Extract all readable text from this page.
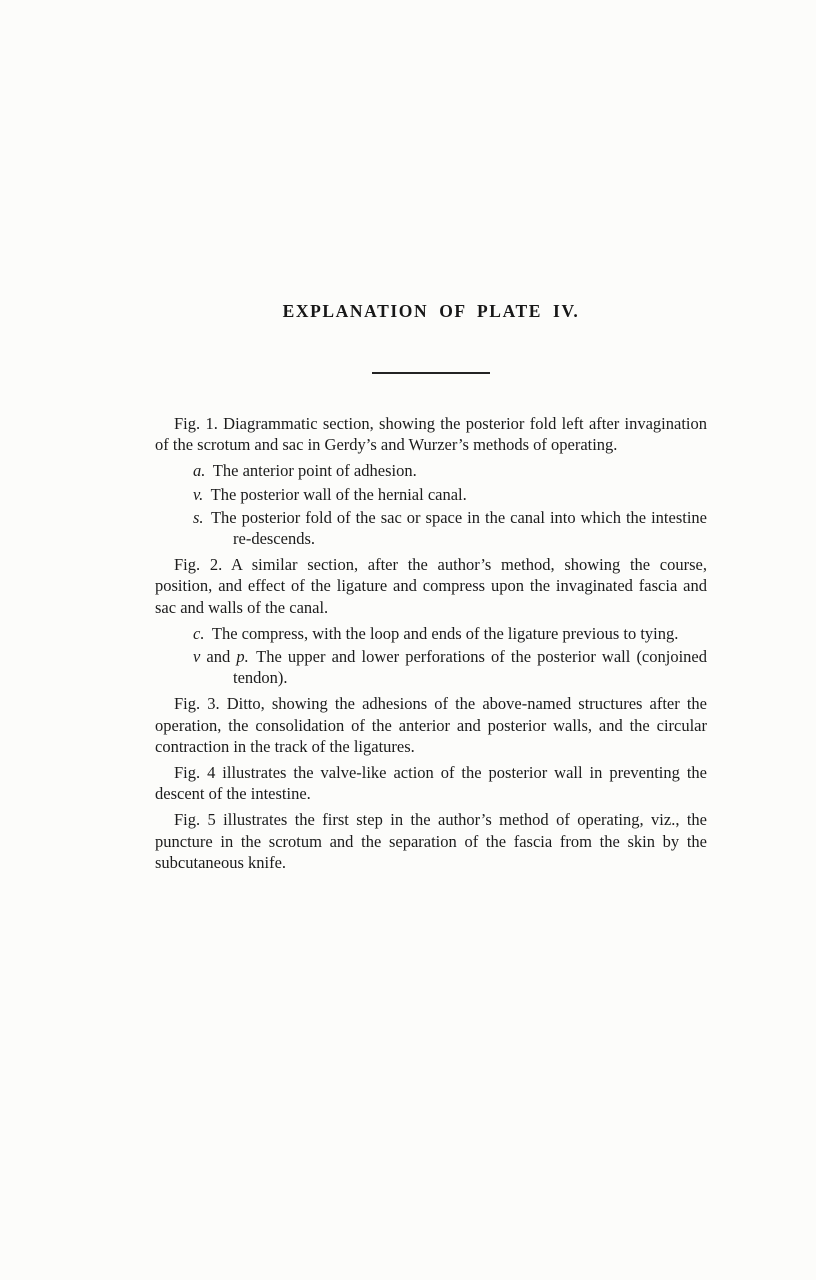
EXPLANATION OF PLATE IV.

Fig. 1. Diagrammatic section, showing the posterior fold left after invagination of the scrotum and sac in Gerdy’s and Wurzer’s methods of operating.

a. The anterior point of adhesion.

v. The posterior wall of the hernial canal.

s. The posterior fold of the sac or space in the canal into which the intestine re-descends.

Fig. 2. A similar section, after the author’s method, showing the course, position, and effect of the ligature and compress upon the invaginated fascia and sac and walls of the canal.

c. The compress, with the loop and ends of the ligature previous to tying.

v and p. The upper and lower perforations of the posterior wall (conjoined tendon).

Fig. 3. Ditto, showing the adhesions of the above-named structures after the operation, the consolidation of the anterior and posterior walls, and the circular contraction in the track of the ligatures.

Fig. 4 illustrates the valve-like action of the posterior wall in preventing the descent of the intestine.

Fig. 5 illustrates the first step in the author’s method of operating, viz., the puncture in the scrotum and the separation of the fascia from the skin by the subcutaneous knife.
